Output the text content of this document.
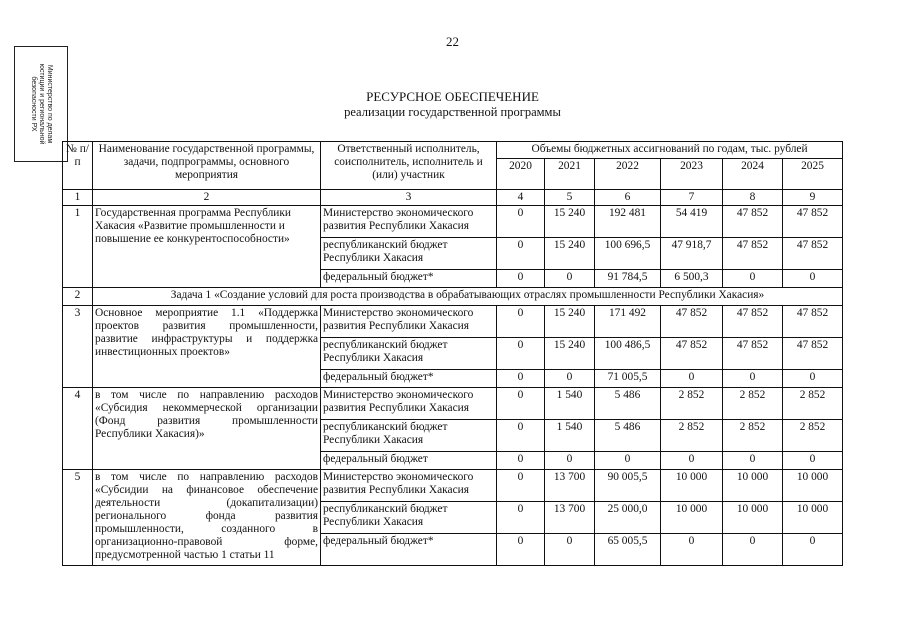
22
Министерство по делам
юстиции и региональной
безопасности РХ	РЕСУРСНОЕ ОБЕСПЕЧЕНИЕ
реализации государственной программы
№ п/п	Наименование государственной программы, задачи, подпрограммы, основного мероприятия	Ответственный исполнитель, соисполнитель, исполнитель и (или) участник	Объемы бюджетных ассигнований по годам, тыс. рублей					
			2020	2021	2022	2023	2024	2025
1	2	3	4	5	6	7	8	9
1	Государственная программа Республики Хакасия «Развитие промышленности и повышение ее конкурентоспособности»	Министерство экономического развития Республики Хакасия	0	15 240	192 481	54 419	47 852	47 852
		республиканский бюджет Республики Хакасия	0	15 240	100 696,5	47 918,7	47 852	47 852
		федеральный бюджет*	0	0	91 784,5	6 500,3	0	0
2	Задача 1 «Создание условий для роста производства в обрабатывающих отраслях промышленности Республики Хакасия»							
3	Основное мероприятие 1.1 «Поддержка проектов развития промышленности, развитие инфраструктуры и поддержка инвестиционных проектов»	Министерство экономического развития Республики Хакасия	0	15 240	171 492	47 852	47 852	47 852
		республиканский бюджет Республики Хакасия	0	15 240	100 486,5	47 852	47 852	47 852
		федеральный бюджет*	0	0	71 005,5	0	0	0
4	в том числе по направлению расходов «Субсидия некоммерческой организации (Фонд развития промышленности Республики Хакасия)»	Министерство экономического развития Республики Хакасия	0	1 540	5 486	2 852	2 852	2 852
		республиканский бюджет Республики Хакасия	0	1 540	5 486	2 852	2 852	2 852
		федеральный бюджет	0	0	0	0	0	0
5	в том числе по направлению расходов «Субсидии на финансовое обеспечение деятельности (докапитализации) регионального фонда развития промышленности, созданного в организационно-правовой форме, предусмотренной частью 1 статьи 11	Министерство экономического развития Республики Хакасия	0	13 700	90 005,5	10 000	10 000	10 000
		республиканский бюджет Республики Хакасия	0	13 700	25 000,0	10 000	10 000	10 000
		федеральный бюджет*	0	0	65 005,5	0	0	0
